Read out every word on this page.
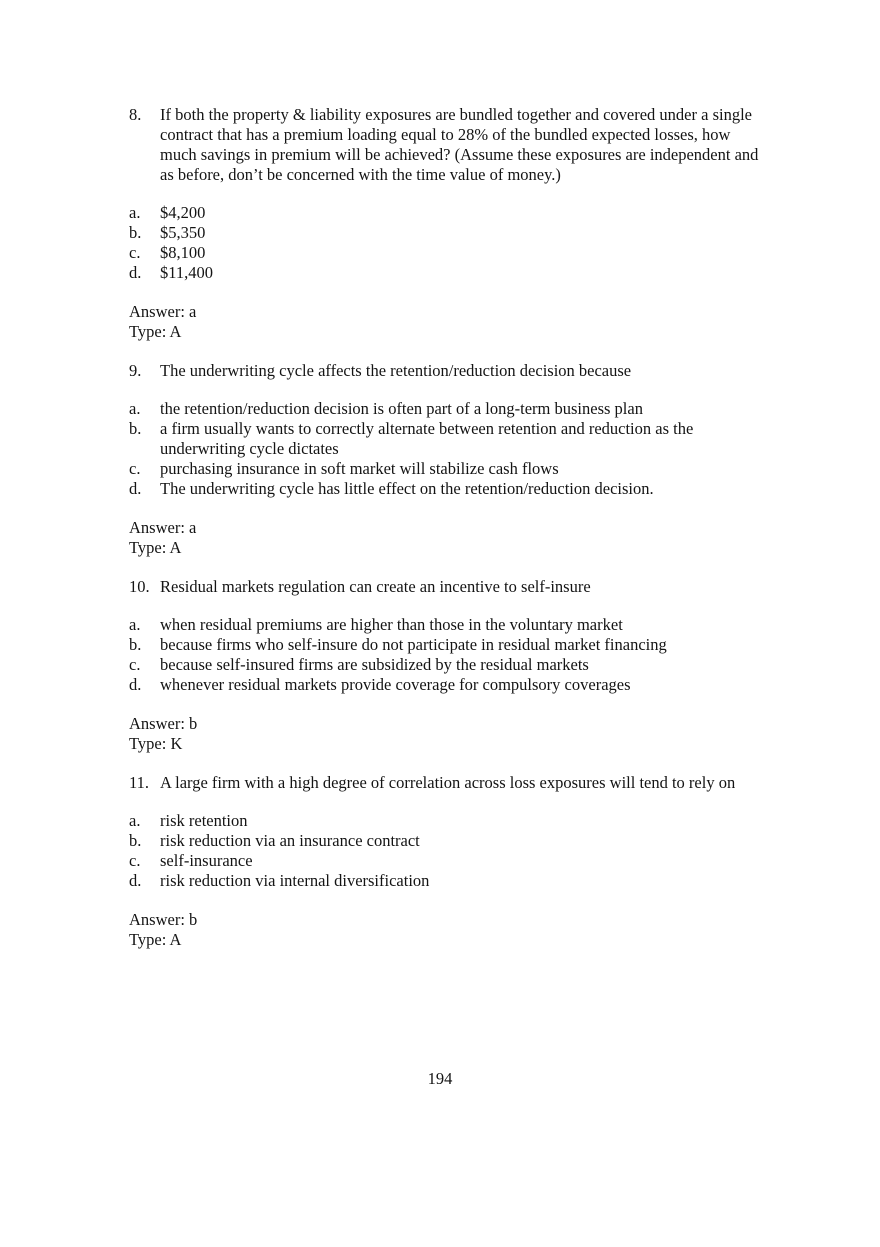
8.	If both the property & liability exposures are bundled together and covered under a single contract that has a premium loading equal to 28% of the bundled expected losses, how much savings in premium will be achieved? (Assume these exposures are independent and as before, don’t be concerned with the time value of money.)
a.	$4,200
b.	$5,350
c.	$8,100
d.	$11,400
Answer: a
Type: A
9.	The underwriting cycle affects the retention/reduction decision because
a.	the retention/reduction decision is often part of a long-term business plan
b.	a firm usually wants to correctly alternate between retention and reduction as the underwriting cycle dictates
c.	purchasing insurance in soft market will stabilize cash flows
d.	The underwriting cycle has little effect on the retention/reduction decision.
Answer: a
Type: A
10. Residual markets regulation can create an incentive to self-insure
a.	when residual premiums are higher than those in the voluntary market
b.	because firms who self-insure do not participate in residual market financing
c.	because self-insured firms are subsidized by the residual markets
d.	whenever residual markets provide coverage for compulsory coverages
Answer: b
Type: K
11. A large firm with a high degree of correlation across loss exposures will tend to rely on
a.	risk retention
b.	risk reduction via an insurance contract
c.	self-insurance
d.	risk reduction via internal diversification
Answer: b
Type: A
194
